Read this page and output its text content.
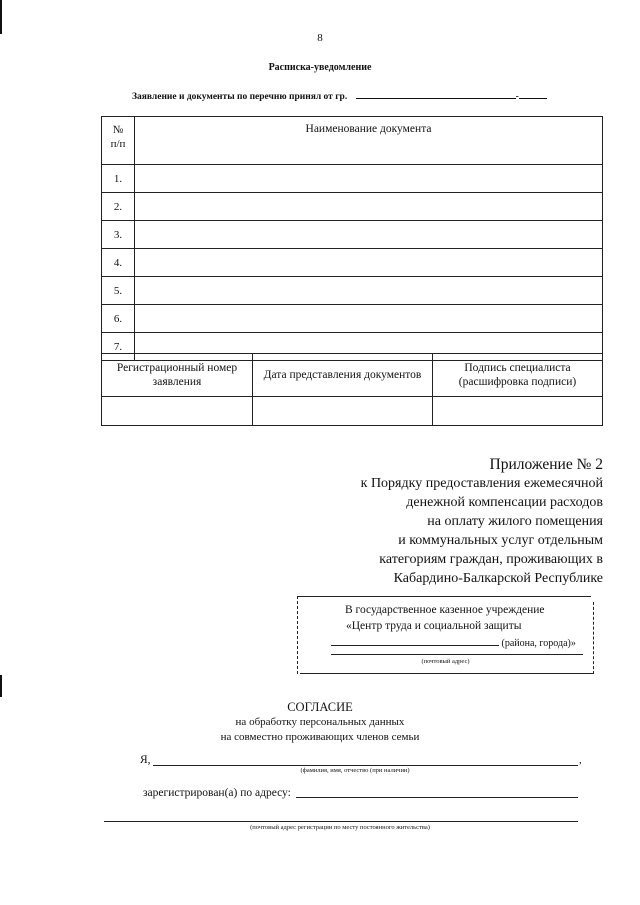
8
Расписка-уведомление
Заявление и документы по перечню принял от гр.	-
№
п/п	Наименование документа
1.	
2.	
3.	
4.	
5.	
6.	
7.	
Регистрационный номер заявления	Дата представления документов	Подпись специалиста (расшифровка подписи)

Приложение № 2
к Порядку предоставления ежемесячной
денежной компенсации расходов
на оплату жилого помещения
и коммунальных услуг отдельным
категориям граждан, проживающих в
Кабардино-Балкарской Республике
В государственное казенное учреждение
«Центр труда и социальной защиты
(района, города)»
(почтовый адрес)
СОГЛАСИЕ
на обработку персональных данных
на совместно проживающих членов семьи
Я,	,
(фамилия, имя, отчество (при наличии)
зарегистрирован(а) по адресу:
(почтовый адрес регистрации по месту постоянного жительства)
